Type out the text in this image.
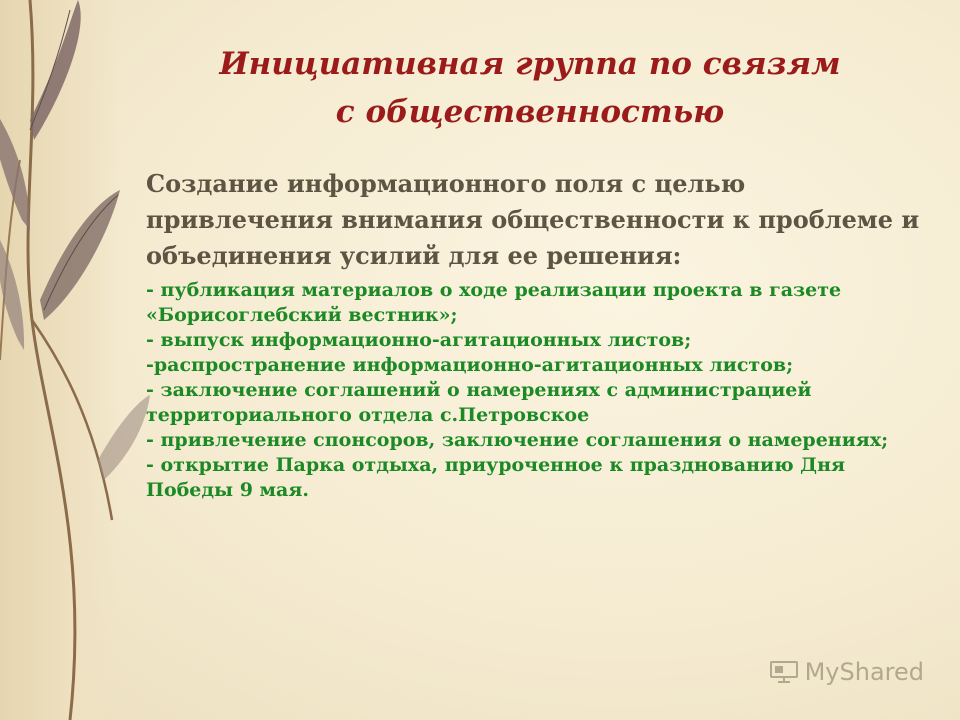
Инициативная группа по связям
с общественностью

Создание информационного поля с целью привлечения внимания общественности к проблеме и объединения усилий для ее решения:

- публикация материалов о ходе реализации проекта в газете «Борисоглебский вестник»;
- выпуск информационно-агитационных листов;
-распространение информационно-агитационных листов;
- заключение соглашений о намерениях с администрацией территориального отдела с.Петровское
- привлечение спонсоров, заключение соглашения о намерениях;
- открытие Парка отдыха, приуроченное к празднованию Дня Победы 9 мая.
MyShared
